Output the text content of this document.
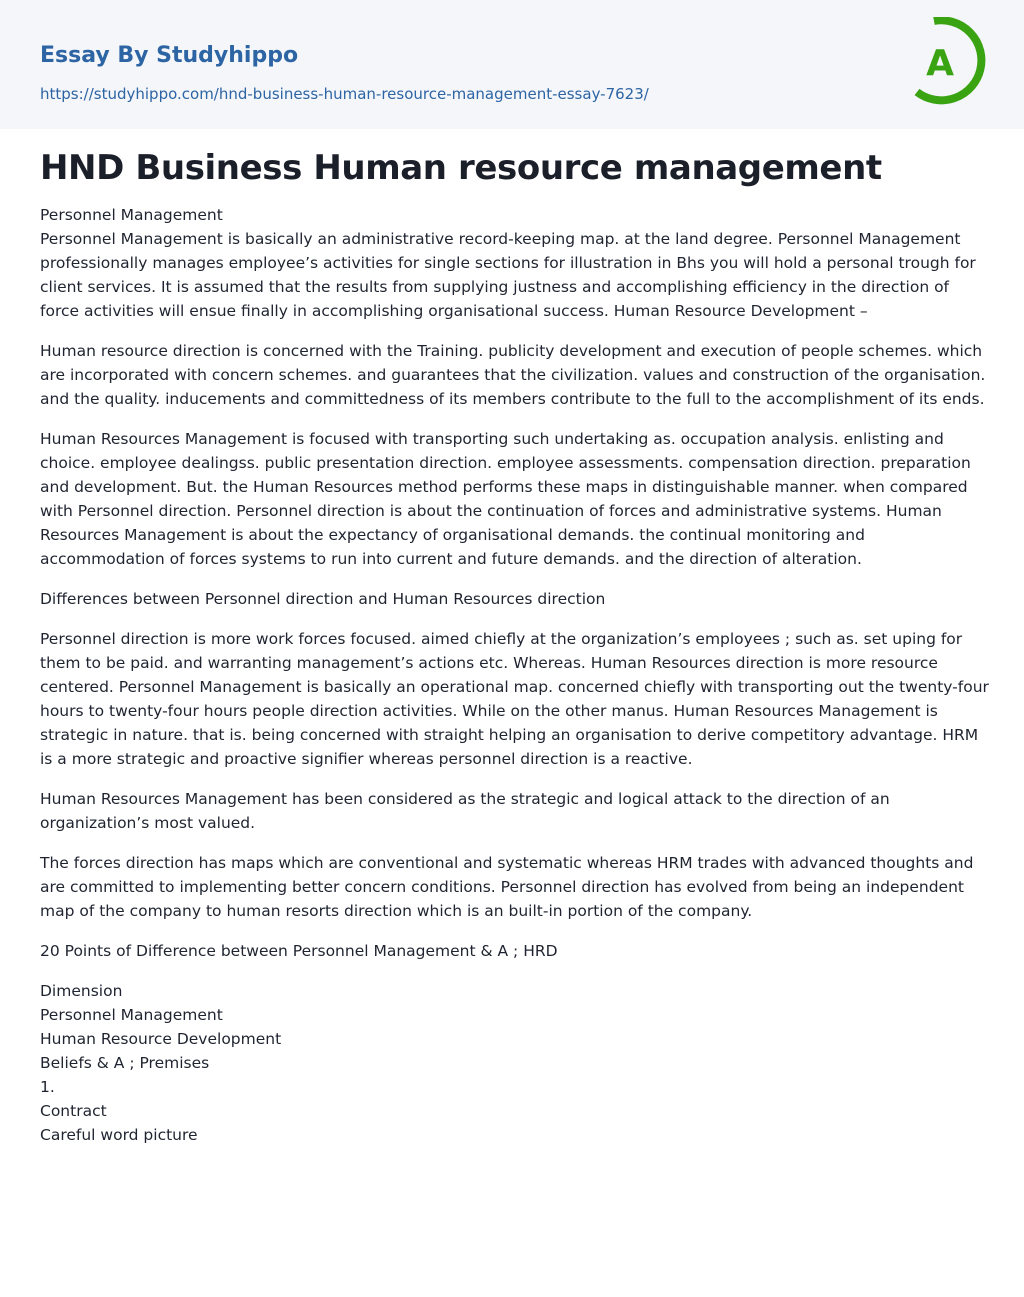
Essay By Studyhippo
https://studyhippo.com/hnd-business-human-resource-management-essay-7623/
A
HND Business Human resource management

Personnel Management
Personnel Management is basically an administrative record-keeping map. at the land degree. Personnel Management professionally manages employee’s activities for single sections for illustration in Bhs you will hold a personal trough for client services. It is assumed that the results from supplying justness and accomplishing efficiency in the direction of force activities will ensue finally in accomplishing organisational success. Human Resource Development –

Human resource direction is concerned with the Training. publicity development and execution of people schemes. which are incorporated with concern schemes. and guarantees that the civilization. values and construction of the organisation. and the quality. inducements and committedness of its members contribute to the full to the accomplishment of its ends.

Human Resources Management is focused with transporting such undertaking as. occupation analysis. enlisting and choice. employee dealingss. public presentation direction. employee assessments. compensation direction. preparation and development. But. the Human Resources method performs these maps in distinguishable manner. when compared with Personnel direction. Personnel direction is about the continuation of forces and administrative systems. Human Resources Management is about the expectancy of organisational demands. the continual monitoring and accommodation of forces systems to run into current and future demands. and the direction of alteration.

Differences between Personnel direction and Human Resources direction

Personnel direction is more work forces focused. aimed chiefly at the organization’s employees ; such as. set uping for them to be paid. and warranting management’s actions etc. Whereas. Human Resources direction is more resource centered. Personnel Management is basically an operational map. concerned chiefly with transporting out the twenty-four hours to twenty-four hours people direction activities. While on the other manus. Human Resources Management is strategic in nature. that is. being concerned with straight helping an organisation to derive competitory advantage. HRM is a more strategic and proactive signifier whereas personnel direction is a reactive.

Human Resources Management has been considered as the strategic and logical attack to the direction of an organization’s most valued.

The forces direction has maps which are conventional and systematic whereas HRM trades with advanced thoughts and are committed to implementing better concern conditions. Personnel direction has evolved from being an independent map of the company to human resorts direction which is an built-in portion of the company.

20 Points of Difference between Personnel Management & A ; HRD

Dimension
Personnel Management
Human Resource Development
Beliefs & A ; Premises
1.
Contract
Careful word picture
